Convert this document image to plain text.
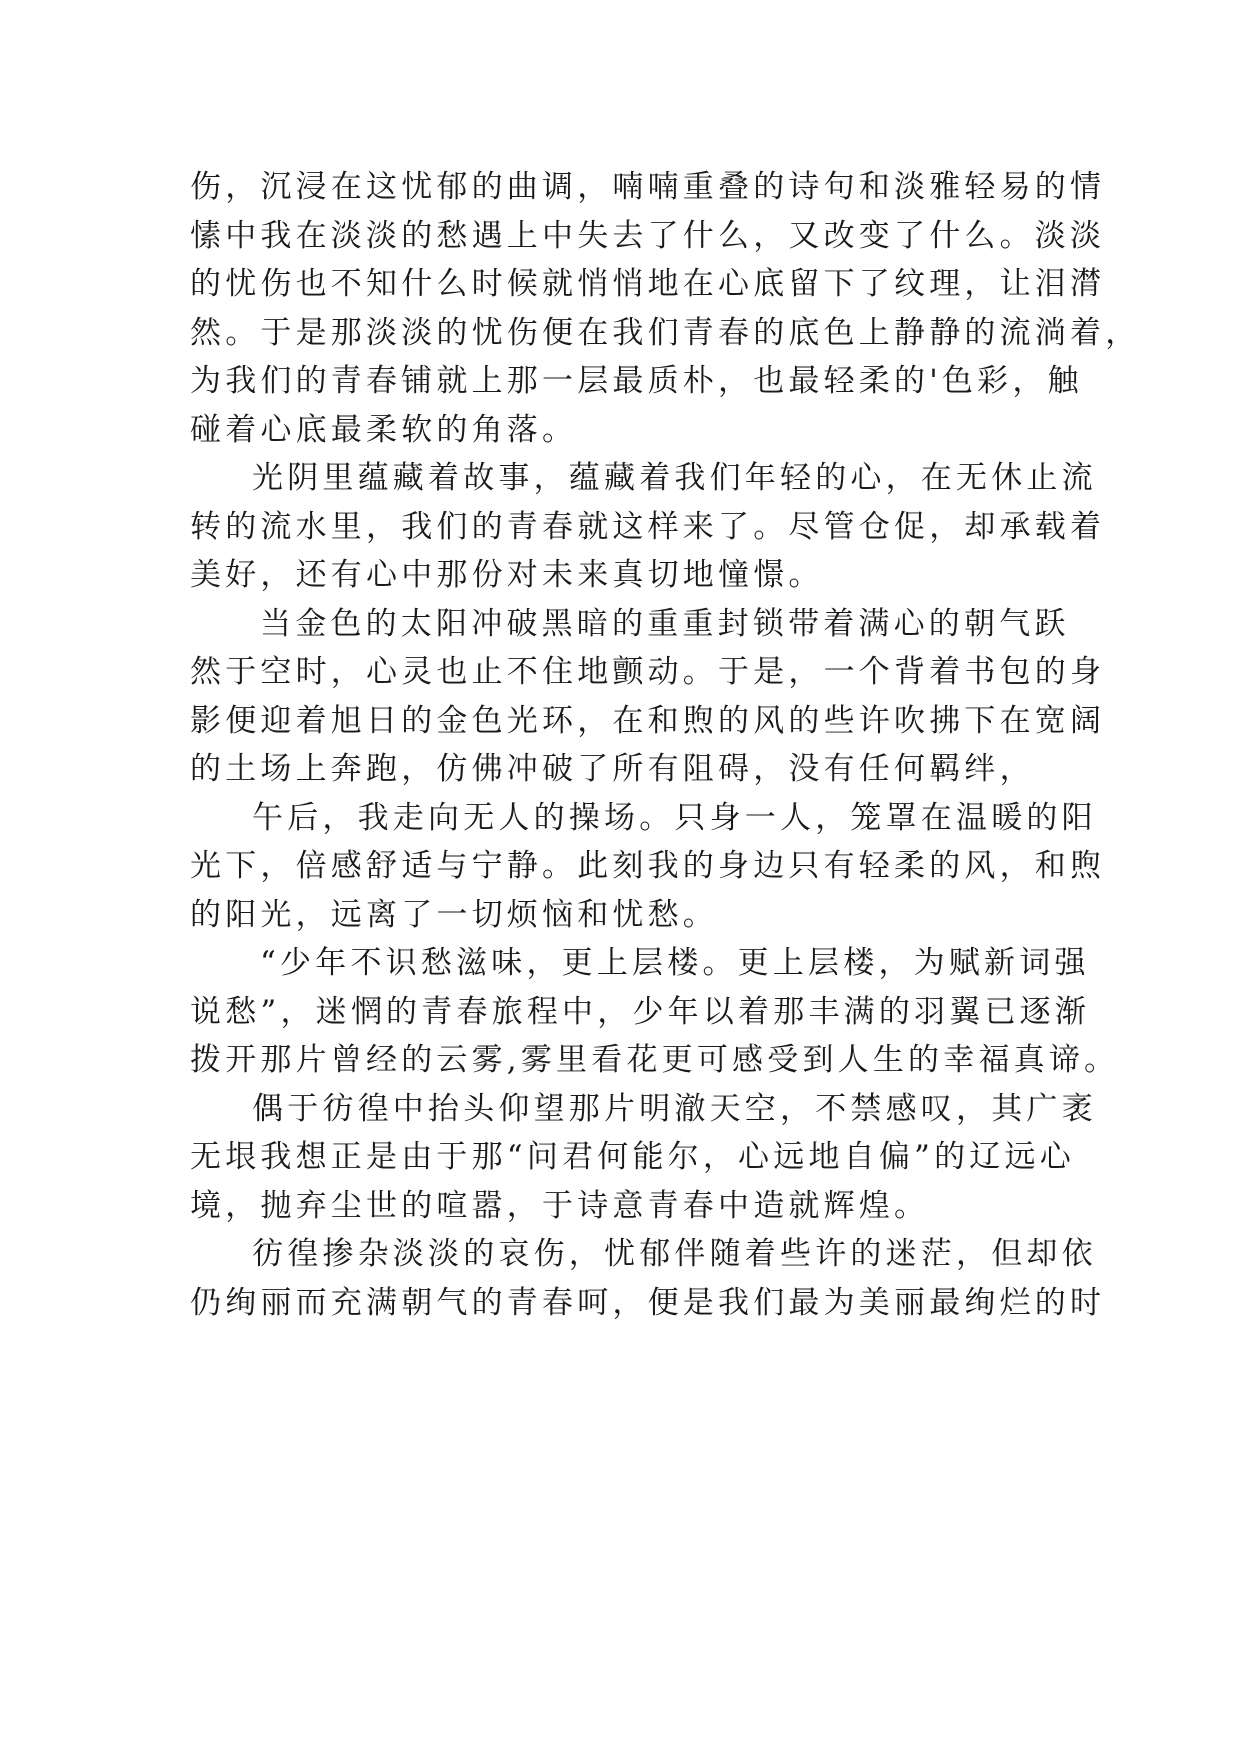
伤，沉浸在这忧郁的曲调，喃喃重叠的诗句和淡雅轻易的情
愫中我在淡淡的愁遇上中失去了什么，又改变了什么。淡淡
的忧伤也不知什么时候就悄悄地在心底留下了纹理，让泪潸
然。于是那淡淡的忧伤便在我们青春的底色上静静的流淌着，
为我们的青春铺就上那一层最质朴，也最轻柔的'色彩，触
碰着心底最柔软的角落。
光阴里蕴藏着故事，蕴藏着我们年轻的心，在无休止流
转的流水里，我们的青春就这样来了。尽管仓促，却承载着
美好，还有心中那份对未来真切地憧憬。
当金色的太阳冲破黑暗的重重封锁带着满心的朝气跃
然于空时，心灵也止不住地颤动。于是，一个背着书包的身
影便迎着旭日的金色光环，在和煦的风的些许吹拂下在宽阔
的土场上奔跑，仿佛冲破了所有阻碍，没有任何羁绊，
午后，我走向无人的操场。只身一人，笼罩在温暖的阳
光下，倍感舒适与宁静。此刻我的身边只有轻柔的风，和煦
的阳光，远离了一切烦恼和忧愁。
“少年不识愁滋味，更上层楼。更上层楼，为赋新词强
说愁”，迷惘的青春旅程中，少年以着那丰满的羽翼已逐渐
拨开那片曾经的云雾,雾里看花更可感受到人生的幸福真谛。
偶于彷徨中抬头仰望那片明澈天空，不禁感叹，其广袤
无垠我想正是由于那“问君何能尔，心远地自偏”的辽远心
境，抛弃尘世的喧嚣，于诗意青春中造就辉煌。
彷徨掺杂淡淡的哀伤，忧郁伴随着些许的迷茫，但却依
仍绚丽而充满朝气的青春呵，便是我们最为美丽最绚烂的时
